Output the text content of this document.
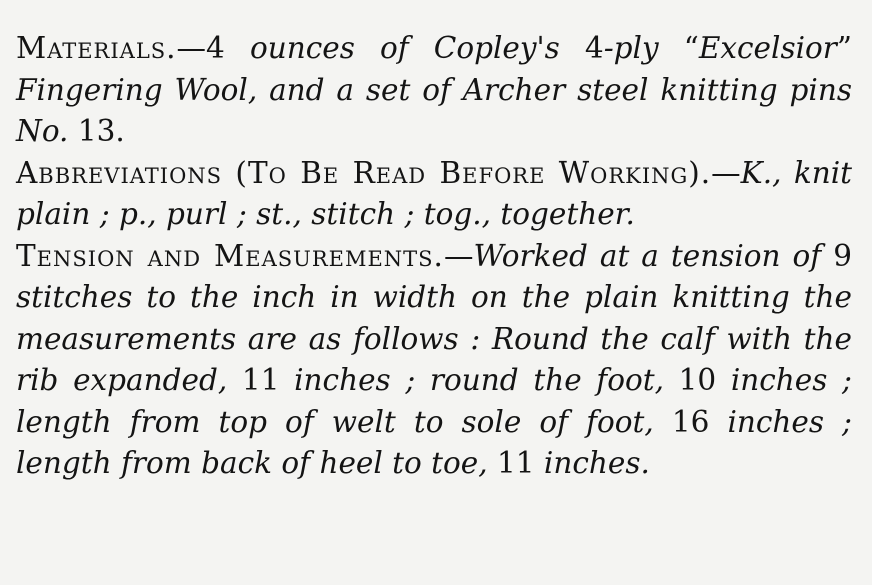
Materials.—4 ounces of Copley's 4-ply “Excelsior” Fingering Wool, and a set of Archer steel knitting pins No. 13.

Abbreviations (To Be Read Before Working).—K., knit plain ; p., purl ; st., stitch ; tog., together.

Tension and Measurements.—Worked at a tension of 9 stitches to the inch in width on the plain knitting the measurements are as follows : Round the calf with the rib expanded, 11 inches ; round the foot, 10 inches ; length from top of welt to sole of foot, 16 inches ; length from back of heel to toe, 11 inches.
